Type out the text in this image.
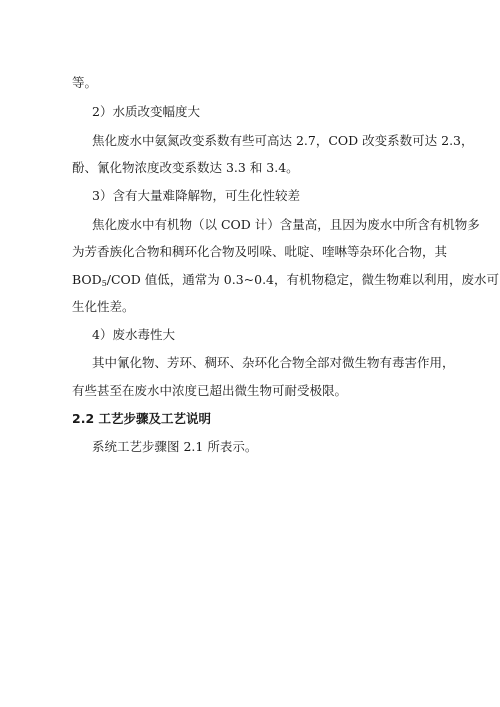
等。
2）水质改变幅度大
焦化废水中氨氮改变系数有些可高达 2.7，COD 改变系数可达 2.3，
酚、氰化物浓度改变系数达 3.3 和 3.4。
3）含有大量难降解物，可生化性较差
焦化废水中有机物（以 COD 计）含量高，且因为废水中所含有机物多
为芳香族化合物和稠环化合物及吲哚、吡啶、喹啉等杂环化合物，其
$BOD_5$/COD 值低，通常为 0.3~0.4，有机物稳定，微生物难以利用，废水可
生化性差。
4）废水毒性大
其中氰化物、芳环、稠环、杂环化合物全部对微生物有毒害作用，
有些甚至在废水中浓度已超出微生物可耐受极限。
2.2 工艺步骤及工艺说明
系统工艺步骤图 2.1 所表示。
